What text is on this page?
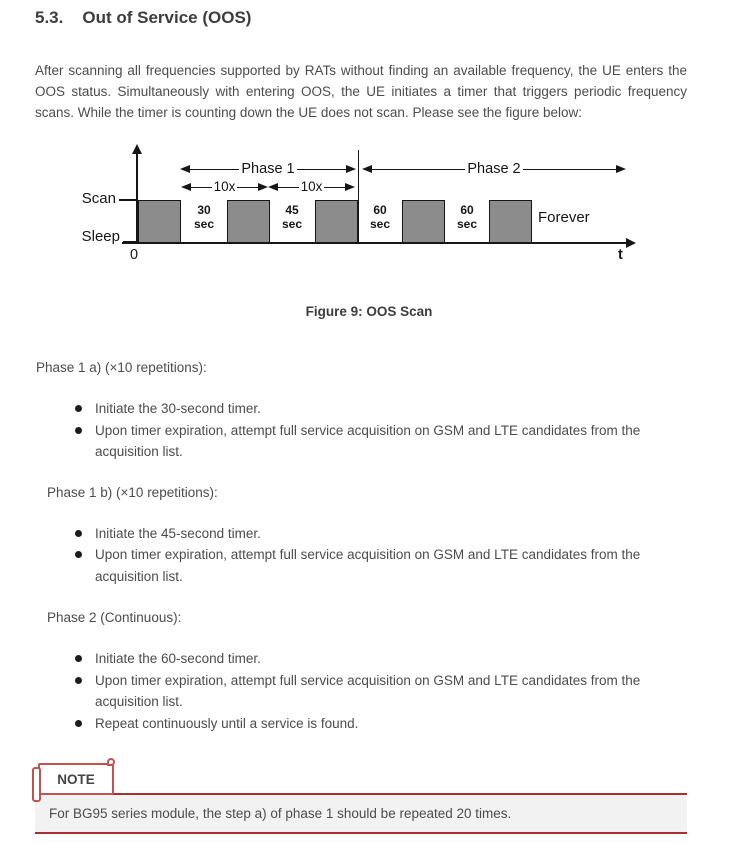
5.3. Out of Service (OOS)

After scanning all frequencies supported by RATs without finding an available frequency, the UE enters the OOS status. Simultaneously with entering OOS, the UE initiates a timer that triggers periodic frequency scans. While the timer is counting down the UE does not scan. Please see the figure below:

Scan
Sleep
0	t
Phase 1	Phase 2
10x	10x
30
sec
45
sec
60
sec
60
sec	Forever
Figure 9: OOS Scan
Phase 1 a) (×10 repetitions):
Initiate the 30-second timer.
Upon timer expiration, attempt full service acquisition on GSM and LTE candidates from the acquisition list.
Phase 1 b) (×10 repetitions):
Initiate the 45-second timer.
Upon timer expiration, attempt full service acquisition on GSM and LTE candidates from the acquisition list.
Phase 2 (Continuous):
Initiate the 60-second timer.
Upon timer expiration, attempt full service acquisition on GSM and LTE candidates from the acquisition list.
Repeat continuously until a service is found.
NOTE
For BG95 series module, the step a) of phase 1 should be repeated 20 times.
